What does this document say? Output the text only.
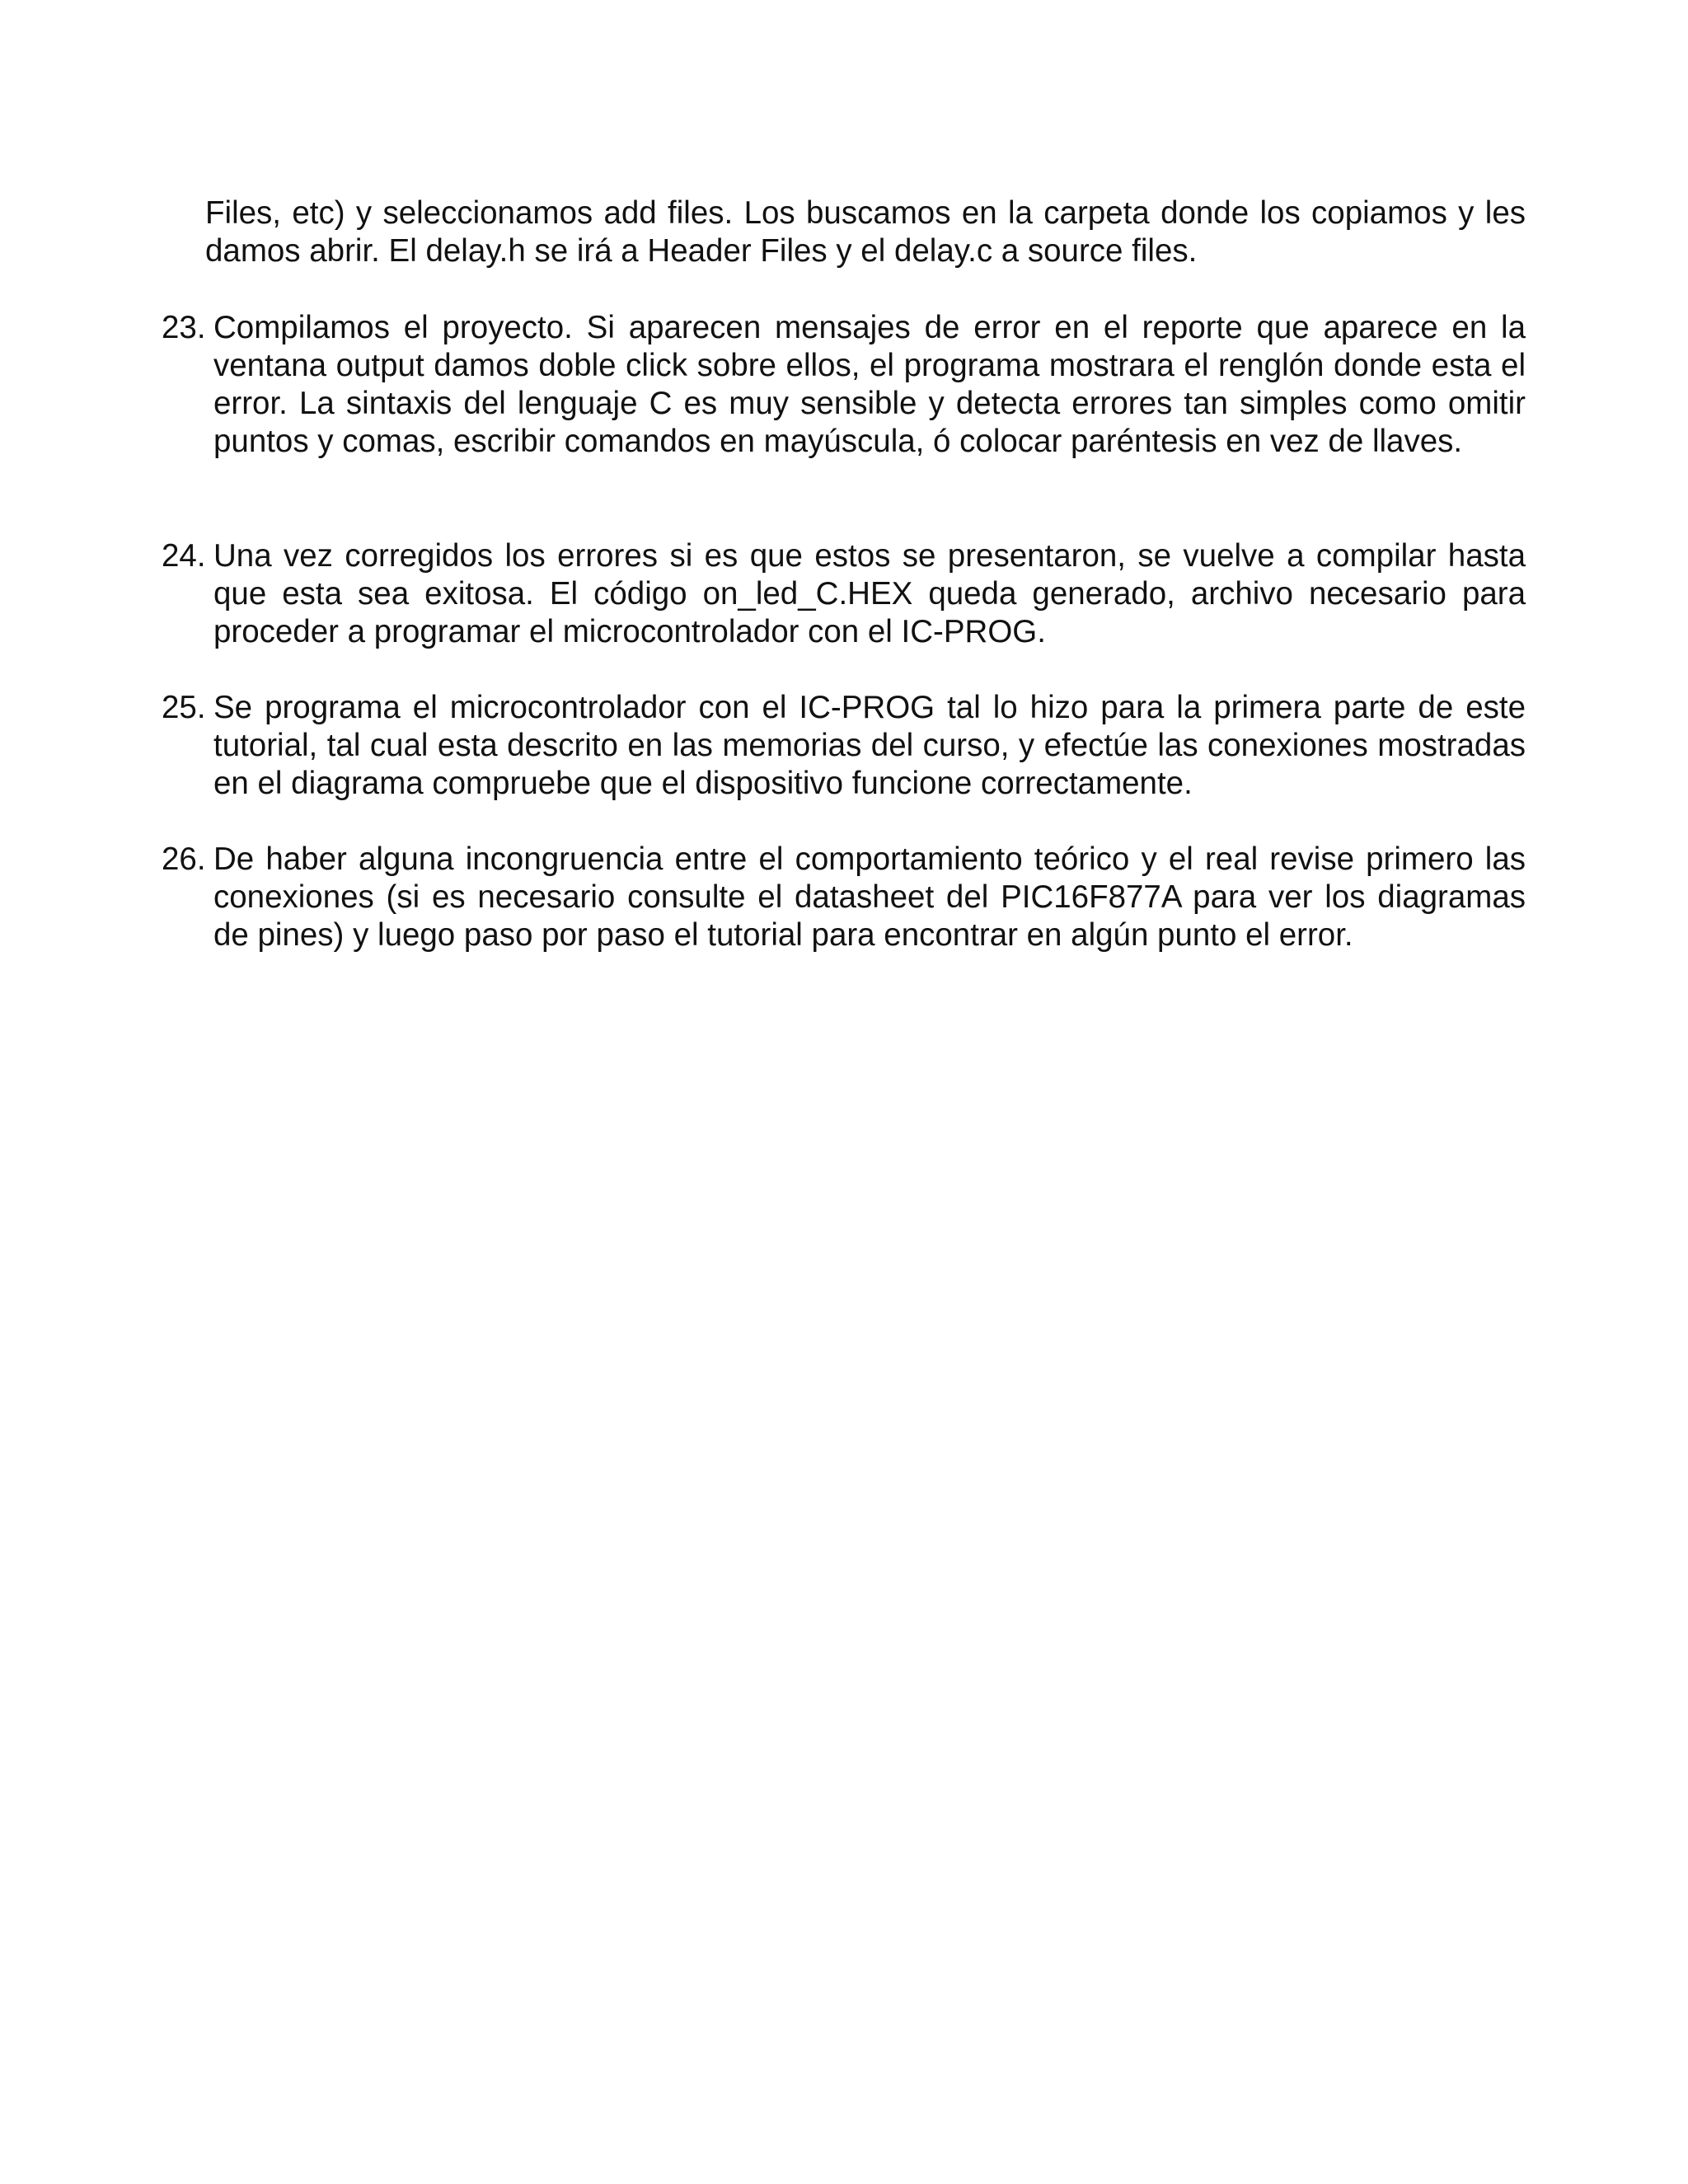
Files, etc) y seleccionamos add files. Los buscamos en la carpeta donde los copiamos y les damos abrir. El delay.h se irá a Header Files y el delay.c a source files.
23. Compilamos el proyecto. Si aparecen mensajes de error en el reporte que aparece en la ventana output damos doble click sobre ellos, el programa mostrara el renglón donde esta el error. La sintaxis del lenguaje C es muy sensible y detecta errores tan simples como omitir puntos y comas, escribir comandos en mayúscula, ó colocar paréntesis en vez de llaves.
24. Una vez corregidos los errores si es que estos se presentaron, se vuelve a compilar hasta que esta sea exitosa. El código on_led_C.HEX queda generado, archivo necesario para proceder a programar el microcontrolador con el IC-PROG.
25. Se programa el microcontrolador con el IC-PROG tal lo hizo para la primera parte de este tutorial, tal cual esta descrito en las memorias del curso, y efectúe las conexiones mostradas en el diagrama compruebe que el dispositivo funcione correctamente.
26. De haber alguna incongruencia entre el comportamiento teórico y el real revise primero las conexiones (si es necesario consulte el datasheet del PIC16F877A para ver los diagramas de pines) y luego paso por paso el tutorial para encontrar en algún punto el error.
